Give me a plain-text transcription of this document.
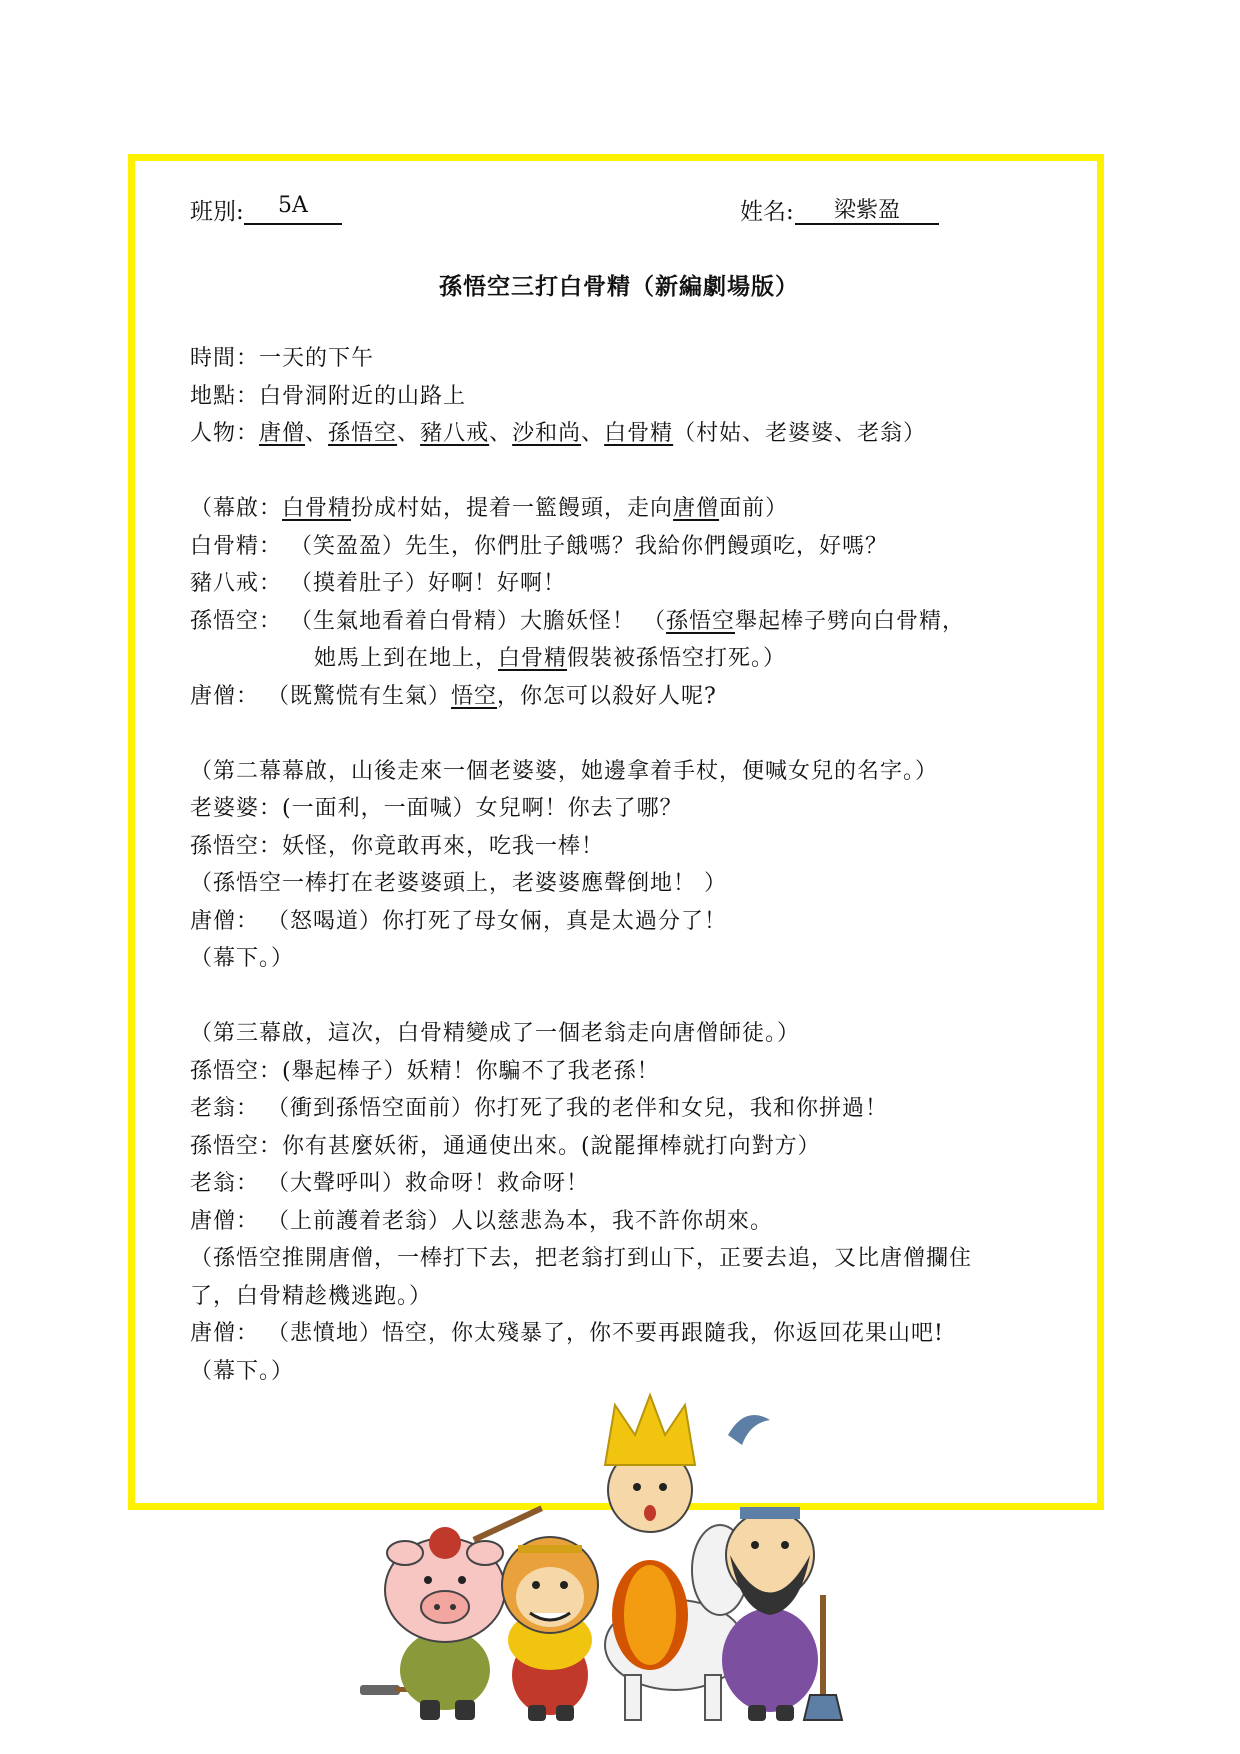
班別:	5A	姓名:	梁紫盈
孫悟空三打白骨精（新編劇場版）
時間：一天的下午
地點：白骨洞附近的山路上
人物：唐僧、孫悟空、豬八戒、沙和尚、白骨精（村姑、老婆婆、老翁）
（幕啟：白骨精扮成村姑，提着一籃饅頭，走向唐僧面前）
白骨精： （笑盈盈）先生，你們肚子餓嗎？我給你們饅頭吃，好嗎？
豬八戒： （摸着肚子）好啊！好啊！
孫悟空： （生氣地看着白骨精）大膽妖怪！ （孫悟空舉起棒子劈向白骨精，
她馬上到在地上，白骨精假裝被孫悟空打死。）
唐僧： （既驚慌有生氣）悟空，你怎可以殺好人呢?
（第二幕幕啟，山後走來一個老婆婆，她邊拿着手杖，便喊女兒的名字。）
老婆婆：(一面利，一面喊）女兒啊！你去了哪？
孫悟空：妖怪，你竟敢再來，吃我一棒！
（孫悟空一棒打在老婆婆頭上，老婆婆應聲倒地！ ）
唐僧： （怒喝道）你打死了母女倆，真是太過分了！
（幕下。）
（第三幕啟，這次，白骨精變成了一個老翁走向唐僧師徒。）
孫悟空：(舉起棒子）妖精！你騙不了我老孫！
老翁： （衝到孫悟空面前）你打死了我的老伴和女兒，我和你拼過！
孫悟空：你有甚麼妖術，通通使出來。(說罷揮棒就打向對方）
老翁： （大聲呼叫）救命呀！救命呀！
唐僧： （上前護着老翁）人以慈悲為本，我不許你胡來。
（孫悟空推開唐僧，一棒打下去，把老翁打到山下，正要去追，又比唐僧攔住
了，白骨精趁機逃跑。）
唐僧： （悲憤地）悟空，你太殘暴了，你不要再跟隨我，你返回花果山吧!
（幕下。）
